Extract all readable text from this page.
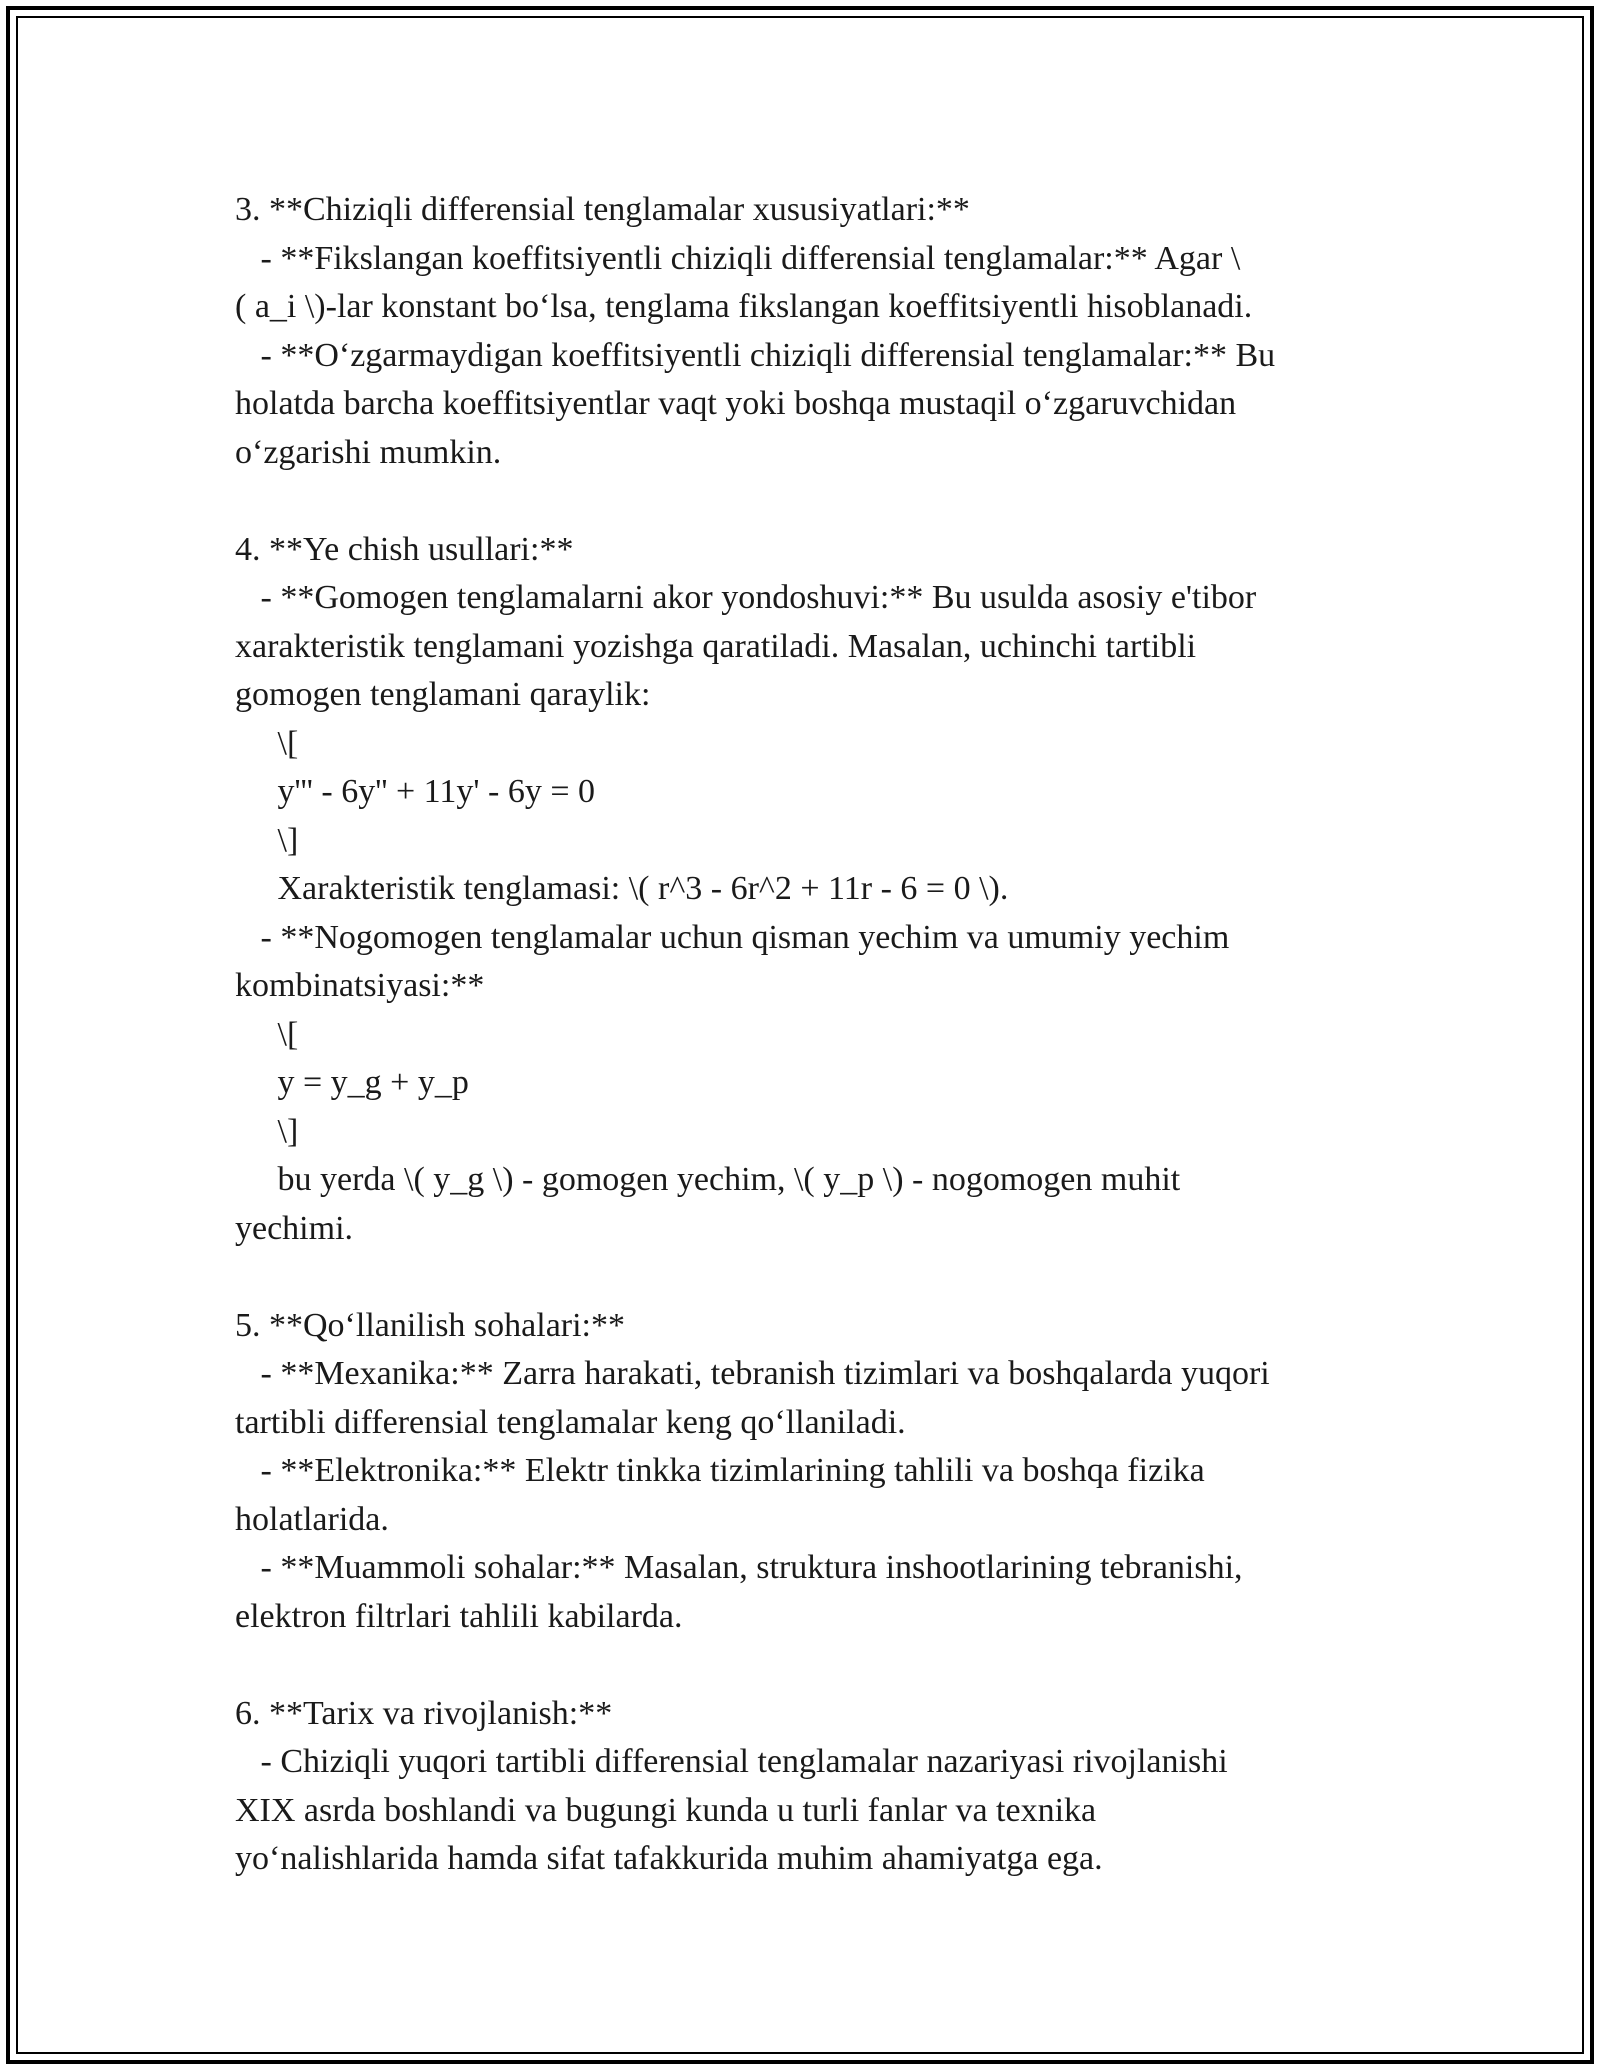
3. **Chiziqli differensial tenglamalar xususiyatlari:**
- **Fikslangan koeffitsiyentli chiziqli differensial tenglamalar:** Agar \
( a_i \)-lar konstant bo‘lsa, tenglama fikslangan koeffitsiyentli hisoblanadi.
- **O‘zgarmaydigan koeffitsiyentli chiziqli differensial tenglamalar:** Bu
holatda barcha koeffitsiyentlar vaqt yoki boshqa mustaqil o‘zgaruvchidan
o‘zgarishi mumkin.
4. **Ye chish usullari:**
- **Gomogen tenglamalarni akor yondoshuvi:** Bu usulda asosiy e'tibor
xarakteristik tenglamani yozishga qaratiladi. Masalan, uchinchi tartibli
gomogen tenglamani qaraylik:
\[
y''' - 6y'' + 11y' - 6y = 0
\]
Xarakteristik tenglamasi: \( r^3 - 6r^2 + 11r - 6 = 0 \).
- **Nogomogen tenglamalar uchun qisman yechim va umumiy yechim
kombinatsiyasi:**
\[
y = y_g + y_p
\]
bu yerda \( y_g \) - gomogen yechim, \( y_p \) - nogomogen muhit
yechimi.
5. **Qo‘llanilish sohalari:**
- **Mexanika:** Zarra harakati, tebranish tizimlari va boshqalarda yuqori
tartibli differensial tenglamalar keng qo‘llaniladi.
- **Elektronika:** Elektr tinkka tizimlarining tahlili va boshqa fizika
holatlarida.
- **Muammoli sohalar:** Masalan, struktura inshootlarining tebranishi,
elektron filtrlari tahlili kabilarda.
6. **Tarix va rivojlanish:**
- Chiziqli yuqori tartibli differensial tenglamalar nazariyasi rivojlanishi
XIX asrda boshlandi va bugungi kunda u turli fanlar va texnika
yo‘nalishlarida hamda sifat tafakkurida muhim ahamiyatga ega.
